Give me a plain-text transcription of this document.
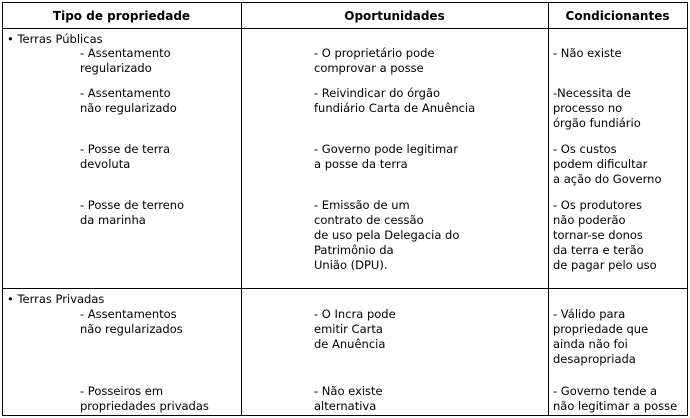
Tipo de propriedade	Oportunidades	Condicionantes
• Terras Públicas
- Assentamento
regularizado
- O proprietário pode
comprovar a posse
- Não existe
- Assentamento
não regularizado
- Reivindicar do órgão
fundiário Carta de Anuência
-Necessita de
processo no
órgão fundiário
- Posse de terra
devoluta
- Governo pode legitimar
a posse da terra
- Os custos
podem dificultar
a ação do Governo
- Posse de terreno
da marinha
- Emissão de um
contrato de cessão
de uso pela Delegacia do
Patrimônio da
União (DPU).
- Os produtores
não poderão
tornar-se donos
da terra e terão
de pagar pelo uso
• Terras Privadas
- Assentamentos
não regularizados
- O Incra pode
emitir Carta
de Anuência
- Válido para
propriedade que
ainda não foi
desapropriada
- Posseiros em
propriedades privadas
- Não existe
alternativa
- Governo tende a
não legitimar a posse
